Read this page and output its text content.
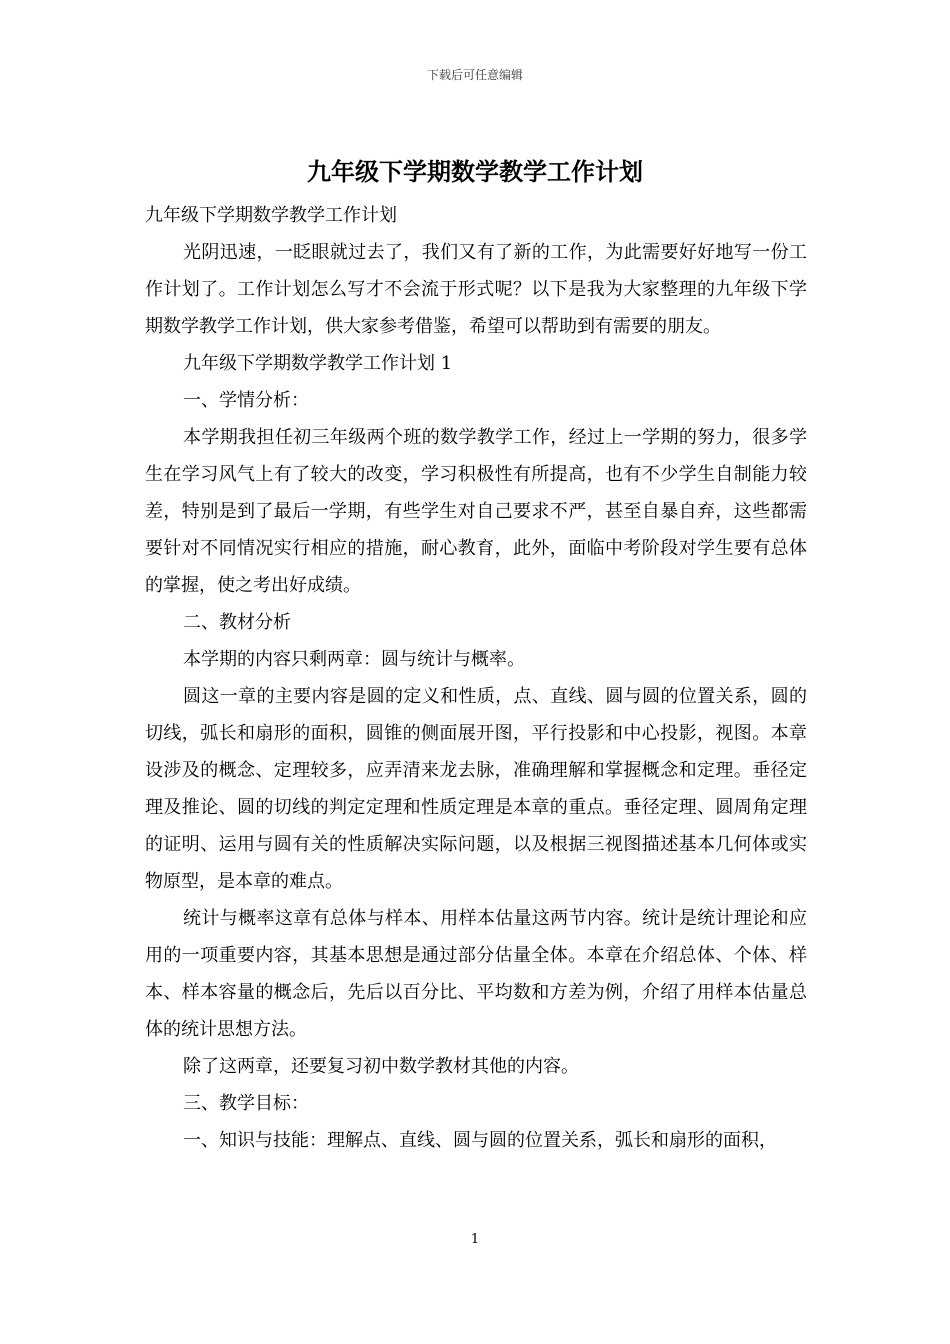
下载后可任意编辑
九年级下学期数学教学工作计划

九年级下学期数学教学工作计划

光阴迅速，一眨眼就过去了，我们又有了新的工作，为此需要好好地写一份工作计划了。工作计划怎么写才不会流于形式呢？以下是我为大家整理的九年级下学期数学教学工作计划，供大家参考借鉴，希望可以帮助到有需要的朋友。

九年级下学期数学教学工作计划 1

一、学情分析：

本学期我担任初三年级两个班的数学教学工作，经过上一学期的努力，很多学生在学习风气上有了较大的改变，学习积极性有所提高，也有不少学生自制能力较差，特别是到了最后一学期，有些学生对自己要求不严，甚至自暴自弃，这些都需要针对不同情况实行相应的措施，耐心教育，此外，面临中考阶段对学生要有总体的掌握，使之考出好成绩。

二、教材分析

本学期的内容只剩两章：圆与统计与概率。

圆这一章的主要内容是圆的定义和性质，点、直线、圆与圆的位置关系，圆的切线，弧长和扇形的面积，圆锥的侧面展开图，平行投影和中心投影，视图。本章设涉及的概念、定理较多，应弄清来龙去脉，准确理解和掌握概念和定理。垂径定理及推论、圆的切线的判定定理和性质定理是本章的重点。垂径定理、圆周角定理的证明、运用与圆有关的性质解决实际问题，以及根据三视图描述基本几何体或实物原型，是本章的难点。

统计与概率这章有总体与样本、用样本估量这两节内容。统计是统计理论和应用的一项重要内容，其基本思想是通过部分估量全体。本章在介绍总体、个体、样本、样本容量的概念后，先后以百分比、平均数和方差为例，介绍了用样本估量总体的统计思想方法。

除了这两章，还要复习初中数学教材其他的内容。

三、教学目标：

一、知识与技能：理解点、直线、圆与圆的位置关系，弧长和扇形的面积，

1
